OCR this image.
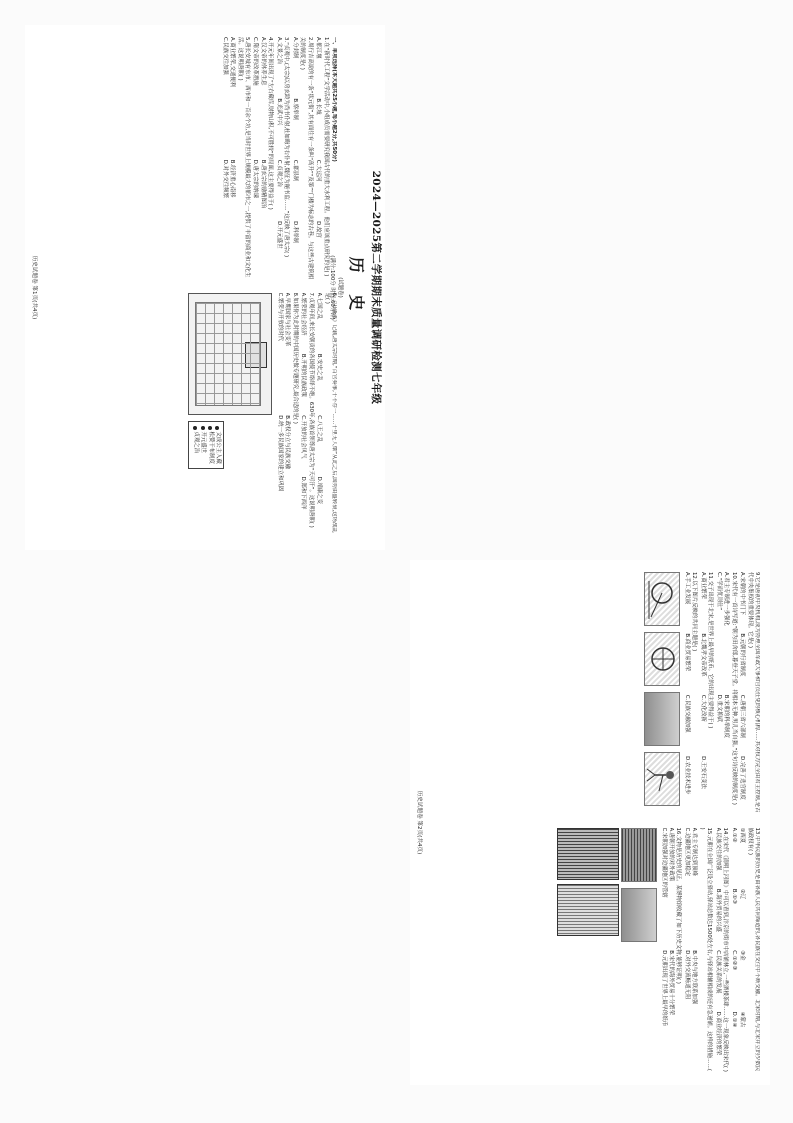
2024—2025第二学期期末质量调研检测七年级
历 史
(试题卷)
(满分:100分 时间:60分钟)
一、单项选择(本大题共25小题,每小题2分,共50分)
1.在“新时代工程”文学活动中,小组成员需要研究我国古代的重大水利工程。他们应该重点研究的是( )
A.都江堰
B.长城
C.大运河
D.故宫
2.周行吉高说的有一条“状元街”,其有面往有一条叫“高升”“及第”“门楼为标志的古巷。与这些古建筑相关的制度是( )
A.分封制
B.察举制
C.郡县制
D.科举制
3.“贞观中,(太宗)以房玄龄为尚书仆射,杜如晦为右仆射,魏征为秘书监……”这反映了唐太宗( )
A.文景之治
B.光武中兴
C.贞观之治
D.开元盛世
4.开元年间出现了“左右藏库,财物山积,不可胜较”的局面,这主要得益于( )
A.汉文帝的休养生息
B.唐玄宗的励精图治
C.隋文帝的改革措施
D.唐太宗的纳谏
5.唐长安城有东市、西市和一百余个坊,是当时世界上规模最大的都市之一,提供了丰富的商业和文化生活。这说明唐朝( )
A.商业繁荣,交通便利
B.经济重心南移
C.民族交往加强
D.对外交往频繁
6.《旧唐书》记载,唐太宗时期,“百官奏事,十不存一……千里无人烟”从此之后,国势由盛转衰,这场战乱是( )
A.七国之乱
B.安史之乱
C.八王之乱
D.靖康之变
7.贞观年间,来长安朝贡的各国使节络绎不绝。630年,各族首领尊唐太宗为“天可汗”。这说明唐朝( )
A.繁荣的社会经济
B.开明的民族政策
C.开放的社会风气
D.郑和下西洋
8.如果你为此时期的中国历史做专题研究,最合适的是( )
A.早期国家与社会变革
B.政权分立与民族交融
C.繁荣与开放的时代
D.统一多民族国家的建立和巩固
文成公主入藏
松赞干布制度
开元盛世
贞观之治
历史试题卷 第1页(共4页)
9.它是唐初中央机构,成为协理全国军政大事和官员任免的核心机构……其对权力完全由君主控制,是古代中央集权的重要体现。它是( )
A.宋朝的中书门下
B.元朝的行省制度
C.唐朝三省六部制
D.完善了选官制度
10.宋代有一首诗写道:“朝为田舍郎,暮登天子堂。将相本无种,男儿当自强。”这句诗反映的制度是( )
A.君主专制进一步强化
B.宋朝的科举制度
C.“学而优则仕”
D.重文抑武
11.交子出现于北宋,是世界上最早的纸币。它的出现主要得益于( )
A.商业繁荣
B.北魏孝文帝改革
C.大化改新
D.王安石变法
12.以下图片反映的共同主题是( )
A.手工业发展
B.商业贸易繁荣
C.民族交融加强
D.农业技术进步
13.中华民族的历史是由各族人民共同缔造的,各民族在交往中不断交融。北宋时期,与北宋并立的少数民族政权有( )
①西夏
②辽
③金
④蒙古
A.①②
B.①③
C.①②③
D.①④
14.在宋代《清明上河图》中可以看到,汴京的街市中店铺林立,一些酒楼茶肆……这一现象反映出宋代( )
A.民族交往的加强
B.海外贸易的兴盛
C.民族关系的发展
D.商业经济的繁荣
15.元朝在全国广泛设立驿站,驿站总数达1500处左右,与驿站相辅相成的还有急递铺。这样的措施……( )
A.君主专制达到顶峰
B.中央与地方联系加强
C.边疆地区更加稳定
D.对外交流畅通无阻
16.文物是历史的见证。某博物馆收藏了如下历史文物,能够证明( )
A.唐朝开放的对外政策
B.宋代的海外贸易十分繁荣
C.宋朝加强对边疆地区的管辖
D.元朝出现了世界上最早的纸币
历史试题卷 第2页(共4页)
